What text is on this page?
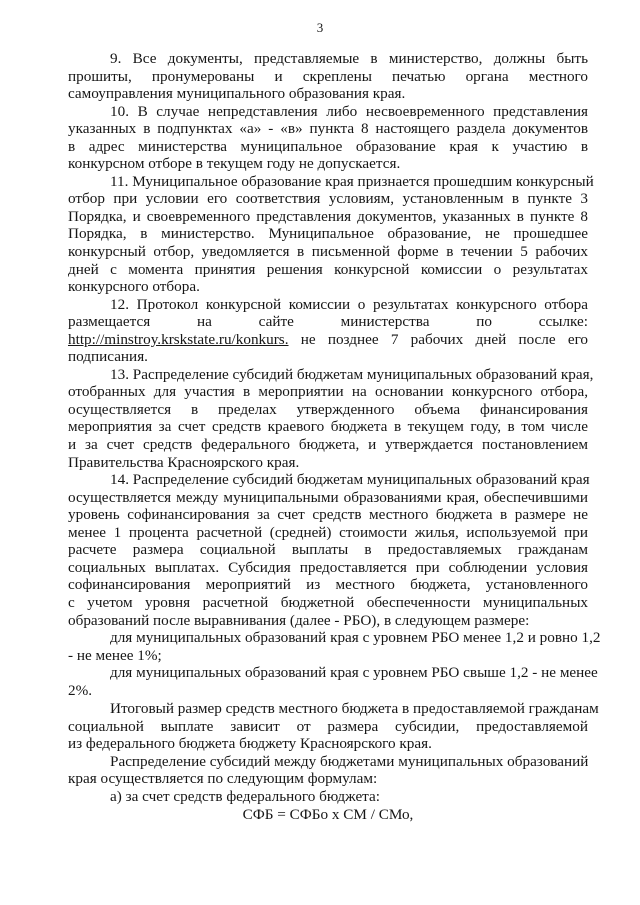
3
9. Все документы, представляемые в министерство, должны быть
прошиты, пронумерованы и скреплены печатью органа местного
самоуправления муниципального образования края.
10. В случае непредставления либо несвоевременного представления
указанных в подпунктах «а» - «в» пункта 8 настоящего раздела документов
в адрес министерства муниципальное образование края к участию в
конкурсном отборе в текущем году не допускается.
11. Муниципальное образование края признается прошедшим конкурсный
отбор при условии его соответствия условиям, установленным в пункте 3
Порядка, и своевременного представления документов, указанных в пункте 8
Порядка, в министерство. Муниципальное образование, не прошедшее
конкурсный отбор, уведомляется в письменной форме в течении 5 рабочих
дней с момента принятия решения конкурсной комиссии о результатах
конкурсного отбора.
12. Протокол конкурсной комиссии о результатах конкурсного отбора
размещается на сайте министерства по ссылке:
http://minstroy.krskstate.ru/konkurs. не позднее 7 рабочих дней после его
подписания.
13. Распределение субсидий бюджетам муниципальных образований края,
отобранных для участия в мероприятии на основании конкурсного отбора,
осуществляется в пределах утвержденного объема финансирования
мероприятия за счет средств краевого бюджета в текущем году, в том числе
и за счет средств федерального бюджета, и утверждается постановлением
Правительства Красноярского края.
14. Распределение субсидий бюджетам муниципальных образований края
осуществляется между муниципальными образованиями края, обеспечившими
уровень софинансирования за счет средств местного бюджета в размере не
менее 1 процента расчетной (средней) стоимости жилья, используемой при
расчете размера социальной выплаты в предоставляемых гражданам
социальных выплатах. Субсидия предоставляется при соблюдении условия
софинансирования мероприятий из местного бюджета, установленного
с учетом уровня расчетной бюджетной обеспеченности муниципальных
образований после выравнивания (далее - РБО), в следующем размере:
для муниципальных образований края с уровнем РБО менее 1,2 и ровно 1,2
- не менее 1%;
для муниципальных образований края с уровнем РБО свыше 1,2 - не менее
2%.
Итоговый размер средств местного бюджета в предоставляемой гражданам
социальной выплате зависит от размера субсидии, предоставляемой
из федерального бюджета бюджету Красноярского края.
Распределение субсидий между бюджетами муниципальных образований
края осуществляется по следующим формулам:
а) за счет средств федерального бюджета:
СФБ = СФБо х СМ / СМо,
